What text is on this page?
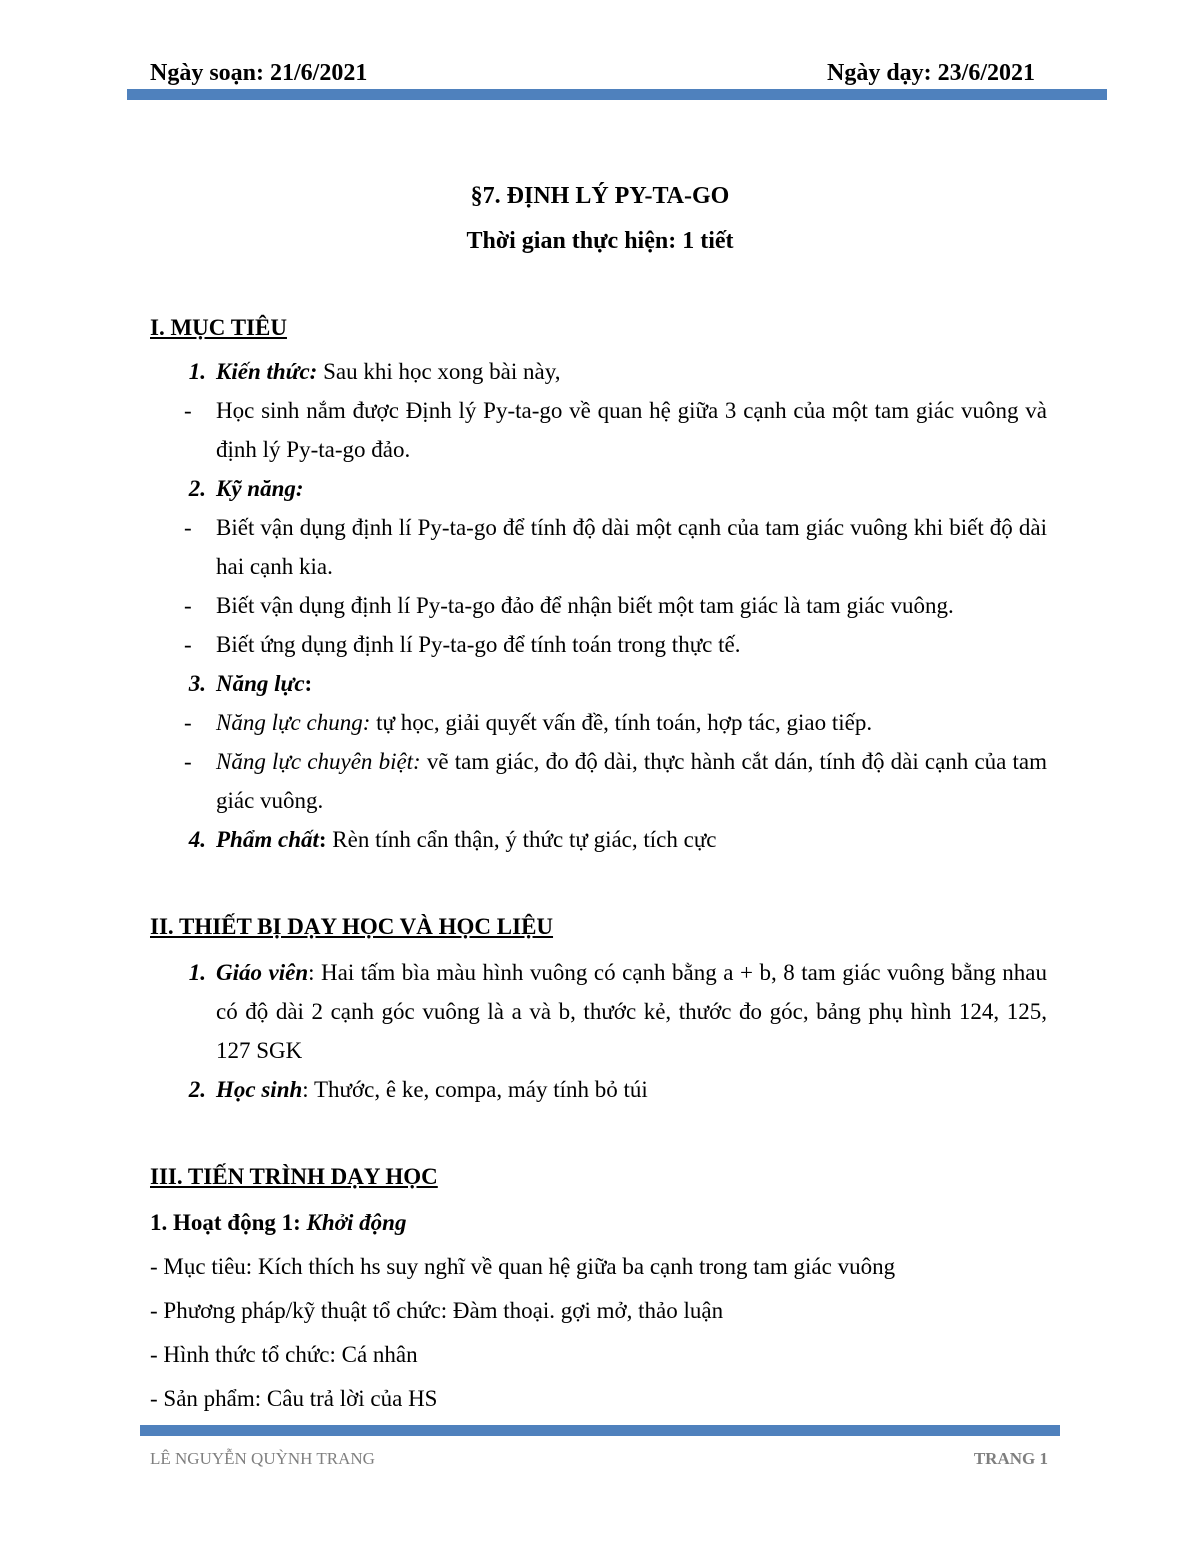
Ngày soạn: 21/6/2021	Ngày dạy: 23/6/2021
§7. ĐỊNH LÝ PY-TA-GO
Thời gian thực hiện: 1 tiết
I. MỤC TIÊU
1. Kiến thức: Sau khi học xong bài này,
-	Học sinh nắm được Định lý Py-ta-go về quan hệ giữa 3 cạnh của một tam giác vuông và định lý Py-ta-go đảo.
2. Kỹ năng:
-	Biết vận dụng định lí Py-ta-go để tính độ dài một cạnh của tam giác vuông khi biết độ dài hai cạnh kia.
-	Biết vận dụng định lí Py-ta-go đảo để nhận biết một tam giác là tam giác vuông.
-	Biết ứng dụng định lí Py-ta-go để tính toán trong thực tế.
3. Năng lực:
-	Năng lực chung: tự học, giải quyết vấn đề, tính toán, hợp tác, giao tiếp.
-	Năng lực chuyên biệt: vẽ tam giác, đo độ dài, thực hành cắt dán, tính độ dài cạnh của tam giác vuông.
4. Phẩm chất: Rèn tính cẩn thận, ý thức tự giác, tích cực
II. THIẾT BỊ DẠY HỌC VÀ HỌC LIỆU
1. Giáo viên: Hai tấm bìa màu hình vuông có cạnh bằng a + b, 8 tam giác vuông bằng nhau có độ dài 2 cạnh góc vuông là a và b, thước kẻ, thước đo góc, bảng phụ hình 124, 125, 127 SGK
2. Học sinh: Thước, ê ke, compa, máy tính bỏ túi
III. TIẾN TRÌNH DẠY HỌC
1. Hoạt động 1: Khởi động
- Mục tiêu: Kích thích hs suy nghĩ về quan hệ giữa ba cạnh trong tam giác vuông
- Phương pháp/kỹ thuật tổ chức: Đàm thoại. gợi mở, thảo luận
- Hình thức tổ chức: Cá nhân
- Sản phẩm: Câu trả lời của HS
LÊ NGUYỄN QUỲNH TRANG	TRANG 1
